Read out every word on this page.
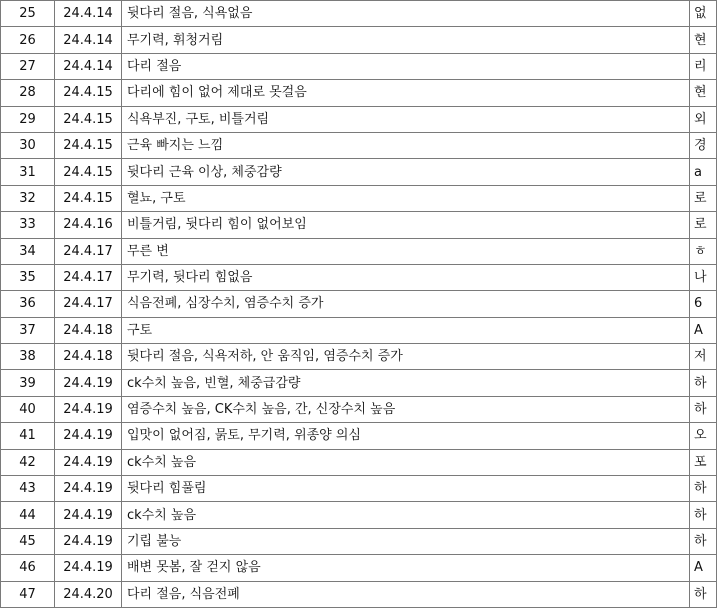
25	24.4.14	뒷다리 절음, 식욕없음	없
26	24.4.14	무기력, 휘청거림	현
27	24.4.14	다리 절음	리
28	24.4.15	다리에 힘이 없어 제대로 못걸음	현
29	24.4.15	식욕부진, 구토, 비틀거림	외
30	24.4.15	근육 빠지는 느낌	경
31	24.4.15	뒷다리 근육 이상, 체중감량	a
32	24.4.15	혈뇨, 구토	로
33	24.4.16	비틀거림, 뒷다리 힘이 없어보임	로
34	24.4.17	무른 변	ㅎ
35	24.4.17	무기력, 뒷다리 힘없음	나
36	24.4.17	식음전폐, 심장수치, 염증수치 증가	6
37	24.4.18	구토	A
38	24.4.18	뒷다리 절음, 식욕저하, 안 움직임, 염증수치 증가	저
39	24.4.19	ck수치 높음, 빈혈, 체중급감량	하
40	24.4.19	염증수치 높음, CK수치 높음, 간, 신장수치 높음	하
41	24.4.19	입맛이 없어짐, 묽토, 무기력, 위종양 의심	오
42	24.4.19	ck수치 높음	포
43	24.4.19	뒷다리 힘풀림	하
44	24.4.19	ck수치 높음	하
45	24.4.19	기립 불능	하
46	24.4.19	배변 못봄, 잘 걷지 않음	A
47	24.4.20	다리 절음, 식음전폐	하
